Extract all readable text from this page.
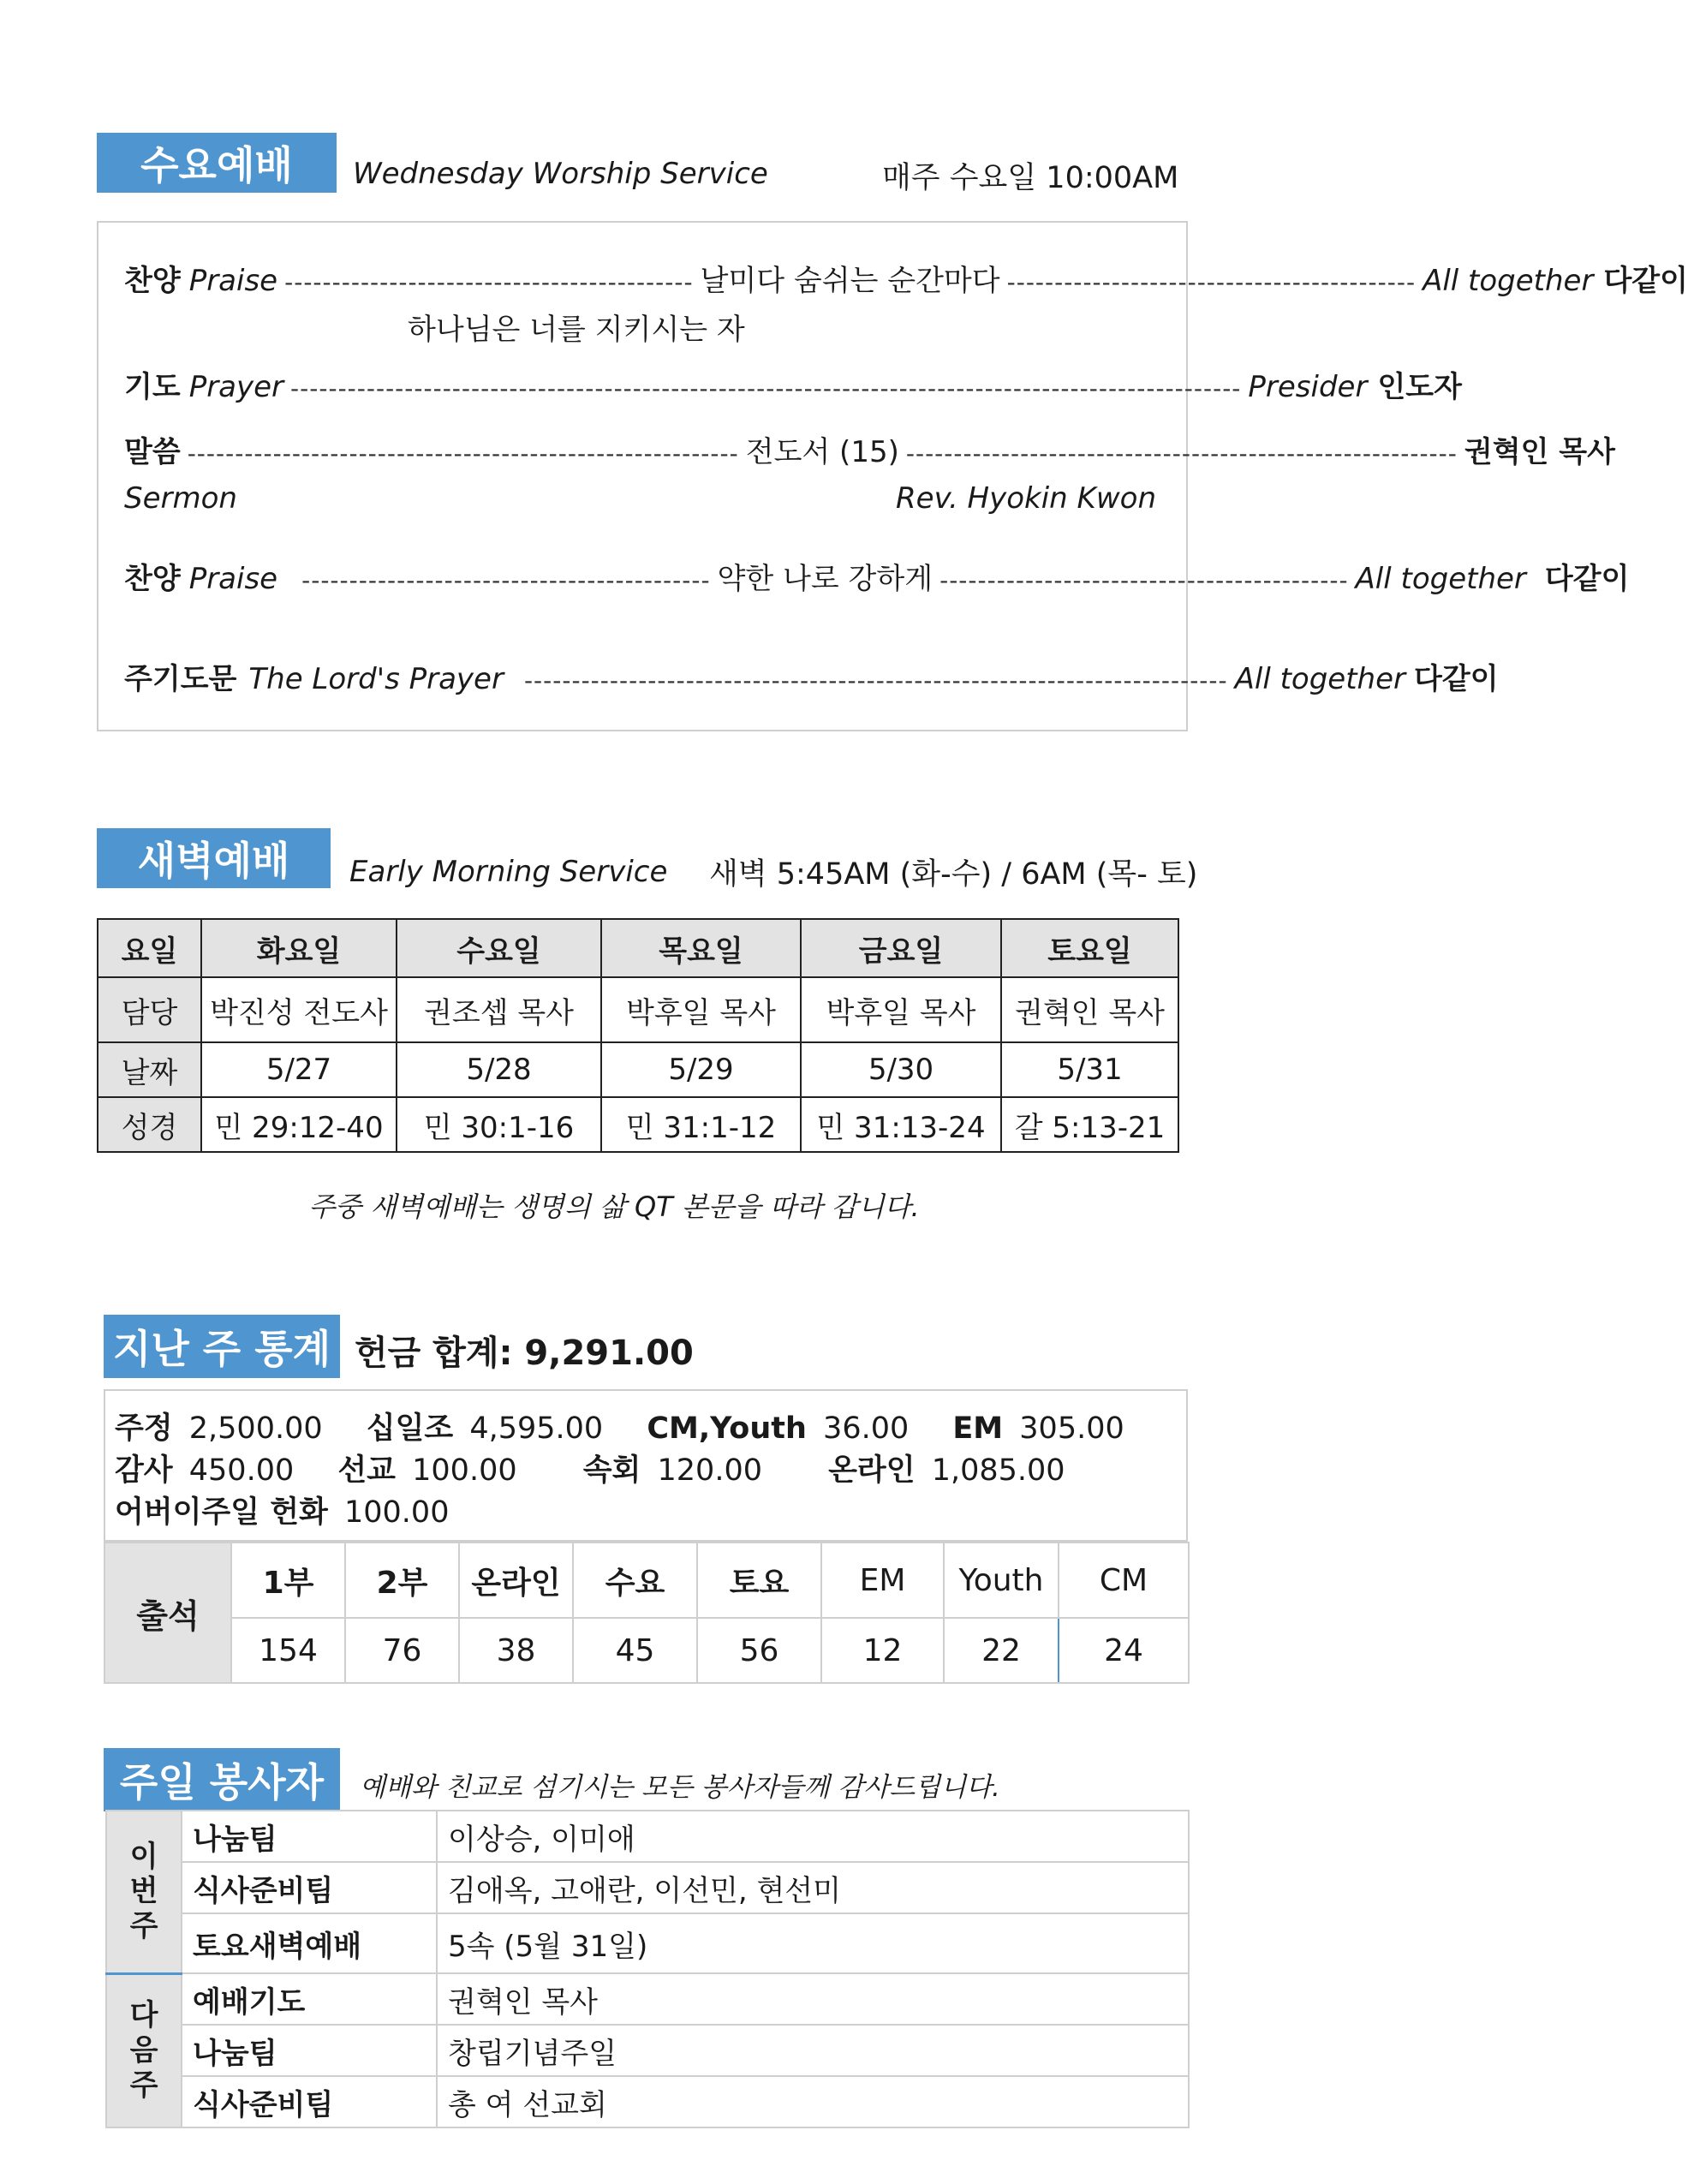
수요예배	Wednesday Worship Service	매주 수요일 10:00AM
찬양 Praise ------------------------------------------- 날미다 숨쉬는 순간마다 ------------------------------------------- All together 다같이
하나님은 너를 지키시는 자
기도 Prayer ---------------------------------------------------------------------------------------------------- Presider 인도자
말씀 ---------------------------------------------------------- 전도서 (15) ---------------------------------------------------------- 권혁인 목사
Sermon	Rev. Hyokin Kwon
찬양 Praise ------------------------------------------- 약한 나로 강하게 ------------------------------------------- All together 다같이
주기도문 The Lord's Prayer -------------------------------------------------------------------------- All together 다같이
새벽예배	Early Morning Service 새벽 5:45AM (화-수) / 6AM (목- 토)
요일	화요일	수요일	목요일	금요일	토요일
담당	박진성 전도사	권조셉 목사	박후일 목사	박후일 목사	권혁인 목사
날짜	5/27	5/28	5/29	5/30	5/31
성경	민 29:12-40	민 30:1-16	민 31:1-12	민 31:13-24	갈 5:13-21
주중 새벽예배는 생명의 삶 QT 본문을 따라 갑니다.
지난 주 통계 헌금 합계: 9,291.00
주정 2,500.00 십일조 4,595.00 CM,Youth 36.00 EM 305.00
감사 450.00 선교 100.00 속회 120.00 온라인 1,085.00
어버이주일 헌화 100.00
출석	1부	2부	온라인	수요	토요	EM	Youth	CM
	154	76	38	45	56	12	22	24
주일 봉사자	예배와 친교로 섬기시는 모든 봉사자들께 감사드립니다.
이
번
주	나눔팀	이상승, 이미애
	식사준비팀	김애옥, 고애란, 이선민, 현선미
	토요새벽예배	5속 (5월 31일)

다
음
주	예배기도	권혁인 목사
	나눔팀	창립기념주일
	식사준비팀	총 여 선교회
